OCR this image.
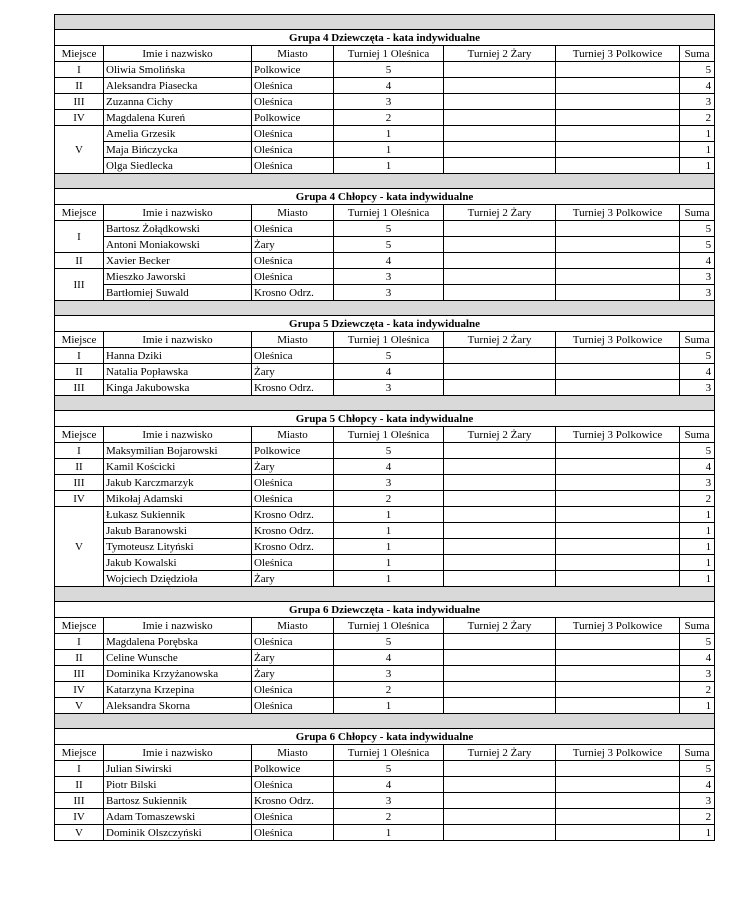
Grupa 4 Dziewczęta - kata indywidualne						
Miejsce	Imie i nazwisko	Miasto	Turniej 1 Oleśnica	Turniej 2 Żary	Turniej 3 Polkowice	Suma
I	Oliwia Smolińska	Polkowice	5			5
II	Aleksandra Piasecka	Oleśnica	4			4
III	Zuzanna Cichy	Oleśnica	3			3
IV	Magdalena Kureń	Polkowice	2			2
V	Amelia Grzesik	Oleśnica	1			1
	Maja Bińczycka	Oleśnica	1			1
	Olga Siedlecka	Oleśnica	1			1

Grupa 4 Chłopcy - kata indywidualne						
Miejsce	Imie i nazwisko	Miasto	Turniej 1 Oleśnica	Turniej 2 Żary	Turniej 3 Polkowice	Suma
I	Bartosz Żołądkowski	Oleśnica	5			5
	Antoni Moniakowski	Żary	5			5
II	Xavier Becker	Oleśnica	4			4
III	Mieszko Jaworski	Oleśnica	3			3
	Bartłomiej Suwald	Krosno Odrz.	3			3

Grupa 5 Dziewczęta - kata indywidualne						
Miejsce	Imie i nazwisko	Miasto	Turniej 1 Oleśnica	Turniej 2 Żary	Turniej 3 Polkowice	Suma
I	Hanna Dziki	Oleśnica	5			5
II	Natalia Popławska	Żary	4			4
III	Kinga Jakubowska	Krosno Odrz.	3			3

Grupa 5 Chłopcy - kata indywidualne						
Miejsce	Imie i nazwisko	Miasto	Turniej 1 Oleśnica	Turniej 2 Żary	Turniej 3 Polkowice	Suma
I	Maksymilian Bojarowski	Polkowice	5			5
II	Kamil Kościcki	Żary	4			4
III	Jakub Karczmarzyk	Oleśnica	3			3
IV	Mikołaj Adamski	Oleśnica	2			2
V	Łukasz Sukiennik	Krosno Odrz.	1			1
	Jakub Baranowski	Krosno Odrz.	1			1
	Tymoteusz Lityński	Krosno Odrz.	1			1
	Jakub Kowalski	Oleśnica	1			1
	Wojciech Dziędzioła	Żary	1			1

Grupa 6 Dziewczęta - kata indywidualne						
Miejsce	Imie i nazwisko	Miasto	Turniej 1 Oleśnica	Turniej 2 Żary	Turniej 3 Polkowice	Suma
I	Magdalena Porębska	Oleśnica	5			5
II	Celine Wunsche	Żary	4			4
III	Dominika Krzyżanowska	Żary	3			3
IV	Katarzyna Krzepina	Oleśnica	2			2
V	Aleksandra Skorna	Oleśnica	1			1

Grupa 6 Chłopcy - kata indywidualne						
Miejsce	Imie i nazwisko	Miasto	Turniej 1 Oleśnica	Turniej 2 Żary	Turniej 3 Polkowice	Suma
I	Julian Siwirski	Polkowice	5			5
II	Piotr Bilski	Oleśnica	4			4
III	Bartosz Sukiennik	Krosno Odrz.	3			3
IV	Adam Tomaszewski	Oleśnica	2			2
V	Dominik Olszczyński	Oleśnica	1			1
